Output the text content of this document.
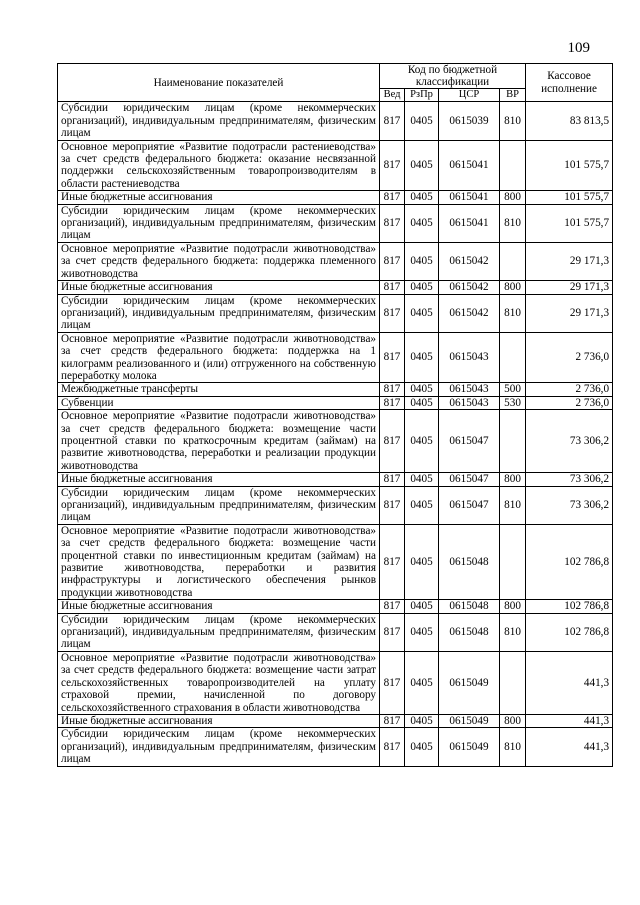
109
Наименование показателей	Код по бюджетной классификации				Кассовое исполнение
	Вед	РзПр	ЦСР	ВР	
Субсидии юридическим лицам (кроме некоммерческих организаций), индивидуальным предпринимателям, физическим лицам	817	0405	0615039	810	83 813,5
Основное мероприятие «Развитие подотрасли растениеводства» за счет средств федерального бюджета: оказание несвязанной поддержки сельскохозяйственным товаропроизводителям в области растениеводства	817	0405	0615041		101 575,7
Иные бюджетные ассигнования	817	0405	0615041	800	101 575,7
Субсидии юридическим лицам (кроме некоммерческих организаций), индивидуальным предпринимателям, физическим лицам	817	0405	0615041	810	101 575,7
Основное мероприятие «Развитие подотрасли животноводства» за счет средств федерального бюджета: поддержка племенного животноводства	817	0405	0615042		29 171,3
Иные бюджетные ассигнования	817	0405	0615042	800	29 171,3
Субсидии юридическим лицам (кроме некоммерческих организаций), индивидуальным предпринимателям, физическим лицам	817	0405	0615042	810	29 171,3
Основное мероприятие «Развитие подотрасли животноводства» за счет средств федерального бюджета: поддержка на 1 килограмм реализованного и (или) отгруженного на собственную переработку молока	817	0405	0615043		2 736,0
Межбюджетные трансферты	817	0405	0615043	500	2 736,0
Субвенции	817	0405	0615043	530	2 736,0
Основное мероприятие «Развитие подотрасли животноводства» за счет средств федерального бюджета: возмещение части процентной ставки по краткосрочным кредитам (займам) на развитие животноводства, переработки и реализации продукции животноводства	817	0405	0615047		73 306,2
Иные бюджетные ассигнования	817	0405	0615047	800	73 306,2
Субсидии юридическим лицам (кроме некоммерческих организаций), индивидуальным предпринимателям, физическим лицам	817	0405	0615047	810	73 306,2
Основное мероприятие «Развитие подотрасли животноводства» за счет средств федерального бюджета: возмещение части процентной ставки по инвестиционным кредитам (займам) на развитие животноводства, переработки и развития инфраструктуры и логистического обеспечения рынков продукции животноводства	817	0405	0615048		102 786,8
Иные бюджетные ассигнования	817	0405	0615048	800	102 786,8
Субсидии юридическим лицам (кроме некоммерческих организаций), индивидуальным предпринимателям, физическим лицам	817	0405	0615048	810	102 786,8
Основное мероприятие «Развитие подотрасли животноводства» за счет средств федерального бюджета: возмещение части затрат сельскохозяйственных товаропроизводителей на уплату страховой премии, начисленной по договору сельскохозяйственного страхования в области животноводства	817	0405	0615049		441,3
Иные бюджетные ассигнования	817	0405	0615049	800	441,3
Субсидии юридическим лицам (кроме некоммерческих организаций), индивидуальным предпринимателям, физическим лицам	817	0405	0615049	810	441,3
